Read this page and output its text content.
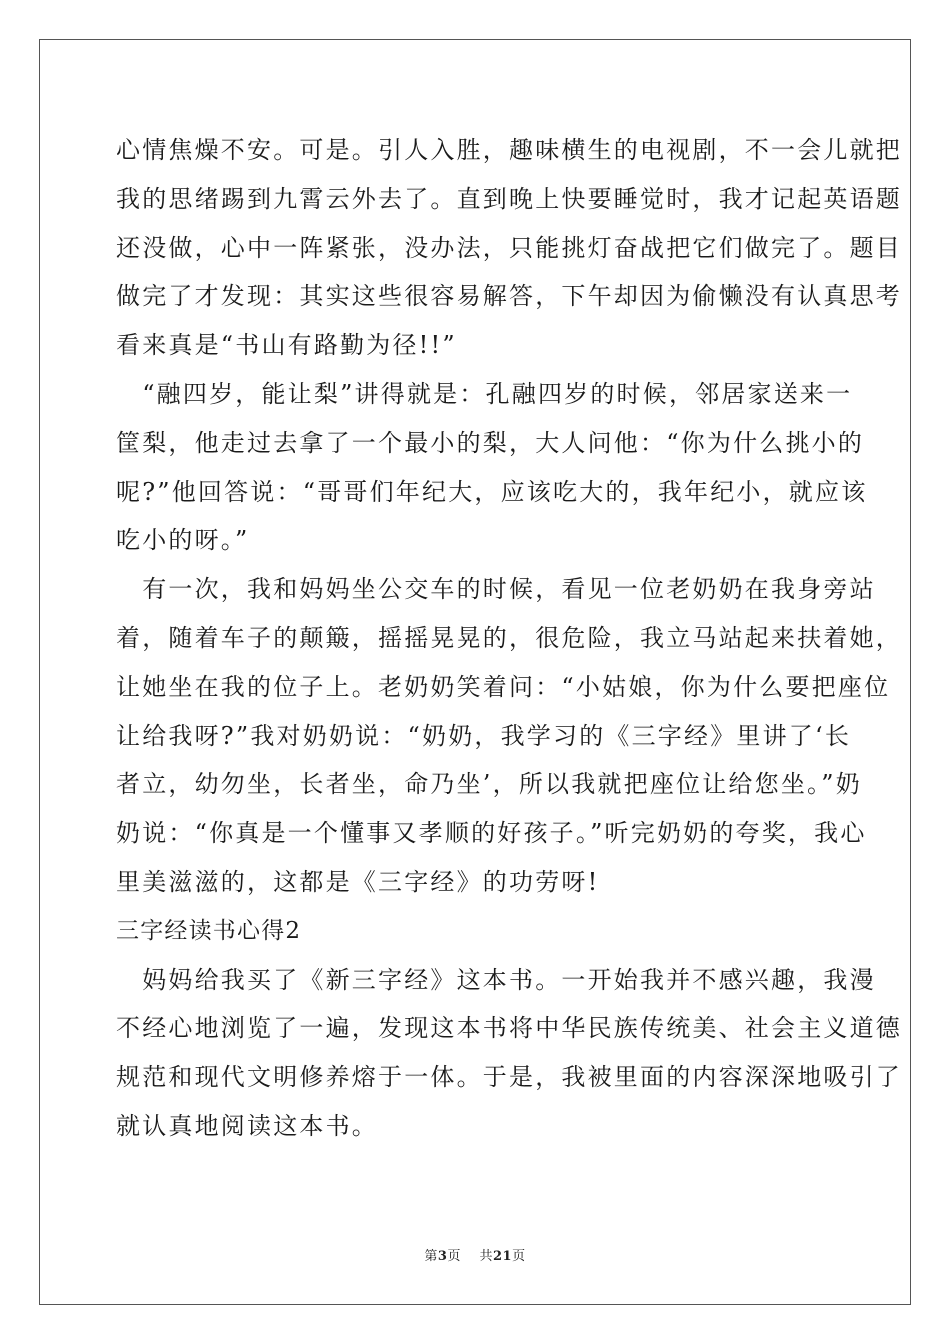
心情焦燥不安。可是。引人入胜，趣味横生的电视剧，不一会儿就把
我的思绪踢到九霄云外去了。直到晚上快要睡觉时，我才记起英语题
还没做，心中一阵紧张，没办法，只能挑灯奋战把它们做完了。题目
做完了才发现：其实这些很容易解答，下午却因为偷懒没有认真思考
看来真是“书山有路勤为径!!”
　“融四岁，能让梨”讲得就是：孔融四岁的时候，邻居家送来一
筐梨，他走过去拿了一个最小的梨，大人问他：“你为什么挑小的
呢?”他回答说：“哥哥们年纪大，应该吃大的，我年纪小，就应该
吃小的呀。”
　有一次，我和妈妈坐公交车的时候，看见一位老奶奶在我身旁站
着，随着车子的颠簸，摇摇晃晃的，很危险，我立马站起来扶着她，
让她坐在我的位子上。老奶奶笑着问：“小姑娘，你为什么要把座位
让给我呀?”我对奶奶说：“奶奶，我学习的《三字经》里讲了‘长
者立，幼勿坐，长者坐，命乃坐’，所以我就把座位让给您坐。”奶
奶说：“你真是一个懂事又孝顺的好孩子。”听完奶奶的夸奖，我心
里美滋滋的，这都是《三字经》的功劳呀!
三字经读书心得2
　妈妈给我买了《新三字经》这本书。一开始我并不感兴趣，我漫
不经心地浏览了一遍，发现这本书将中华民族传统美、社会主义道德
规范和现代文明修养熔于一体。于是，我被里面的内容深深地吸引了
就认真地阅读这本书。
第3页 共21页
